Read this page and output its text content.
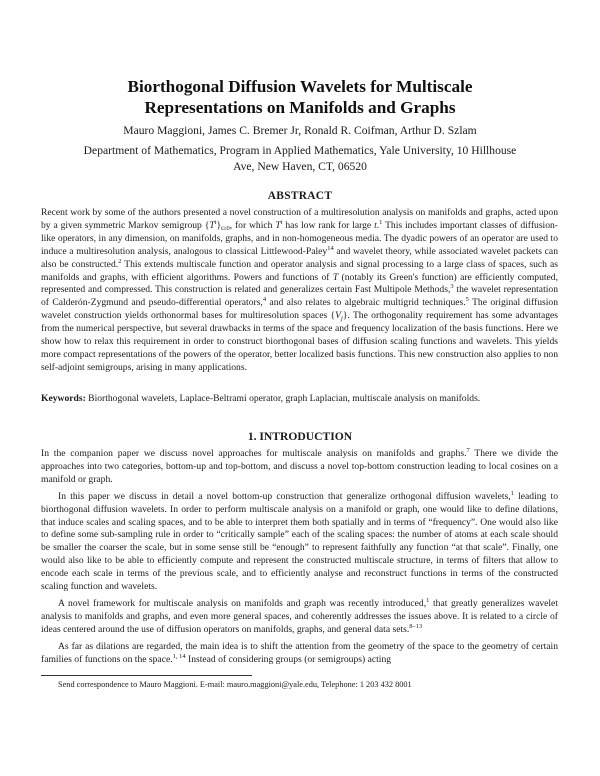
Biorthogonal Diffusion Wavelets for Multiscale
Representations on Manifolds and Graphs
Mauro Maggioni, James C. Bremer Jr, Ronald R. Coifman, Arthur D. Szlam
Department of Mathematics, Program in Applied Mathematics, Yale University, 10 Hillhouse
Ave, New Haven, CT, 06520
ABSTRACT
Recent work by some of the authors presented a novel construction of a multiresolution analysis on manifolds and graphs, acted upon by a given symmetric Markov semigroup $\{T^t\}_{t\ge 0}$, for which $T^t$ has low rank for large t.$^1$ This includes important classes of diffusion-like operators, in any dimension, on manifolds, graphs, and in non-homogeneous media. The dyadic powers of an operator are used to induce a multiresolution analysis, analogous to classical Littlewood-Paley$^{14}$ and wavelet theory, while associated wavelet packets can also be constructed.$^2$ This extends multiscale function and operator analysis and signal processing to a large class of spaces, such as manifolds and graphs, with efficient algorithms. Powers and functions of T (notably its Green's function) are efficiently computed, represented and compressed. This construction is related and generalizes certain Fast Multipole Methods,$^3$ the wavelet representation of Calderón-Zygmund and pseudo-differential operators,$^4$ and also relates to algebraic multigrid techniques.$^5$ The original diffusion wavelet construction yields orthonormal bases for multiresolution spaces $\{V_j\}$. The orthogonality requirement has some advantages from the numerical perspective, but several drawbacks in terms of the space and frequency localization of the basis functions. Here we show how to relax this requirement in order to construct biorthogonal bases of diffusion scaling functions and wavelets. This yields more compact representations of the powers of the operator, better localized basis functions. This new construction also applies to non self-adjoint semigroups, arising in many applications.
Keywords: Biorthogonal wavelets, Laplace-Beltrami operator, graph Laplacian, multiscale analysis on manifolds.
1. INTRODUCTION

In the companion paper we discuss novel approaches for multiscale analysis on manifolds and graphs.$^7$ There we divide the approaches into two categories, bottom-up and top-bottom, and discuss a novel top-bottom construction leading to local cosines on a manifold or graph.

In this paper we discuss in detail a novel bottom-up construction that generalize orthogonal diffusion wavelets,$^1$ leading to biorthogonal diffusion wavelets. In order to perform multiscale analysis on a manifold or graph, one would like to define dilations, that induce scales and scaling spaces, and to be able to interpret them both spatially and in terms of “frequency”. One would also like to define some sub-sampling rule in order to “critically sample” each of the scaling spaces: the number of atoms at each scale should be smaller the coarser the scale, but in some sense still be “enough” to represent faithfully any function “at that scale”. Finally, one would also like to be able to efficiently compute and represent the constructed multiscale structure, in terms of filters that allow to encode each scale in terms of the previous scale, and to efficiently analyse and reconstruct functions in terms of the constructed scaling function and wavelets.

A novel framework for multiscale analysis on manifolds and graph was recently introduced,$^1$ that greatly generalizes wavelet analysis to manifolds and graphs, and even more general spaces, and coherently addresses the issues above. It is related to a circle of ideas centered around the use of diffusion operators on manifolds, graphs, and general data sets.$^{8-13}$

As far as dilations are regarded, the main idea is to shift the attention from the geometry of the space to the geometry of certain families of functions on the space.$^{1, 14}$ Instead of considering groups (or semigroups) acting

Send correspondence to Mauro Maggioni. E-mail: mauro.maggioni@yale.edu, Telephone: 1 203 432 8001
